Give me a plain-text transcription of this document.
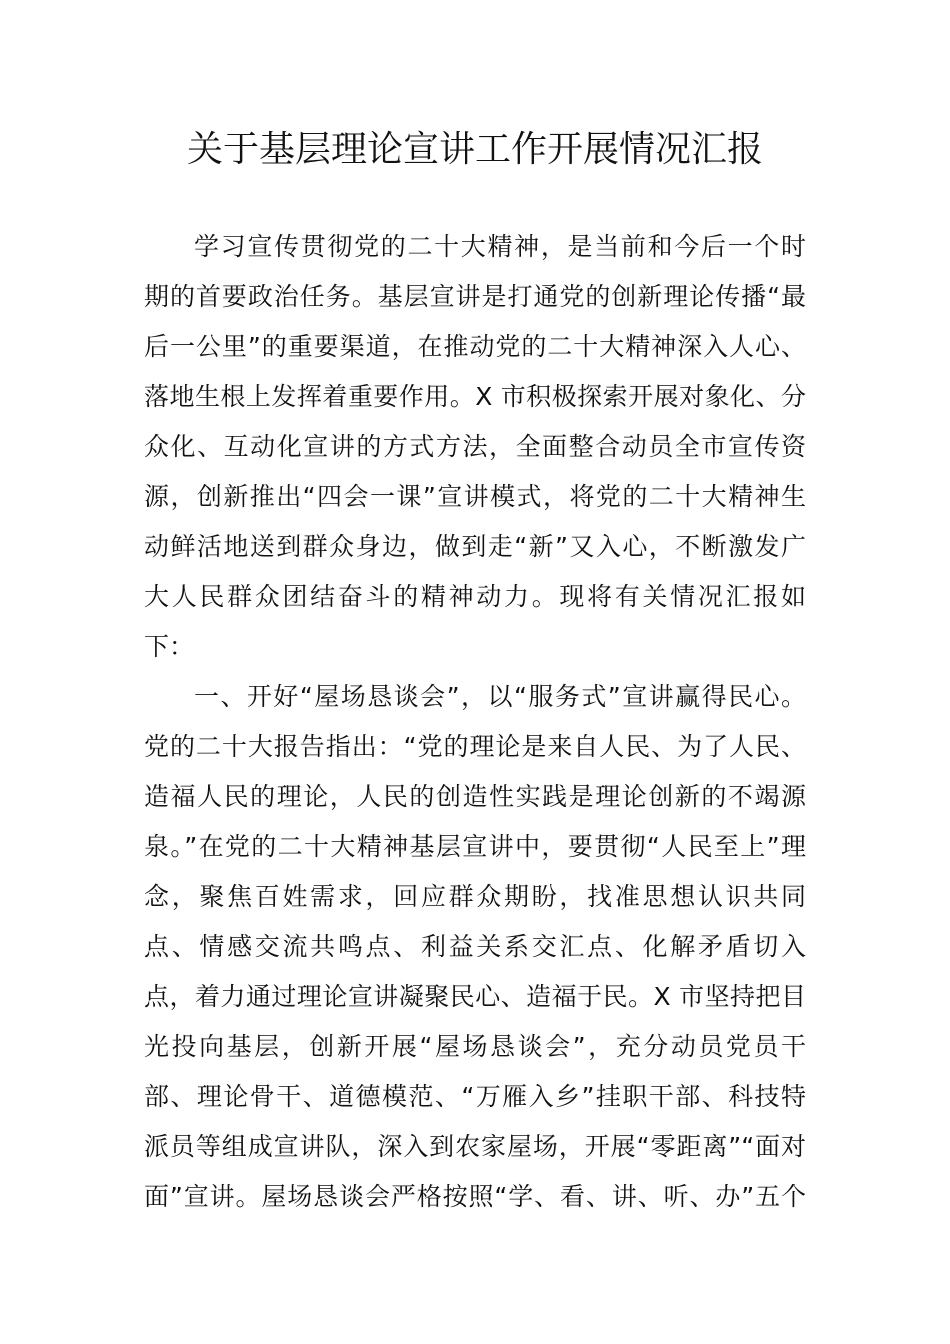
关于基层理论宣讲工作开展情况汇报
学习宣传贯彻党的二十大精神，是当前和今后一个时
期的首要政治任务。基层宣讲是打通党的创新理论传播“最
后一公里”的重要渠道，在推动党的二十大精神深入人心、
落地生根上发挥着重要作用。X 市积极探索开展对象化、分
众化、互动化宣讲的方式方法，全面整合动员全市宣传资
源，创新推出“四会一课”宣讲模式，将党的二十大精神生
动鲜活地送到群众身边，做到走“新”又入心，不断激发广
大人民群众团结奋斗的精神动力。现将有关情况汇报如
下：
一、开好“屋场恳谈会”，以“服务式”宣讲赢得民心。
党的二十大报告指出：“党的理论是来自人民、为了人民、
造福人民的理论，人民的创造性实践是理论创新的不竭源
泉。”在党的二十大精神基层宣讲中，要贯彻“人民至上”理
念，聚焦百姓需求，回应群众期盼，找准思想认识共同
点、情感交流共鸣点、利益关系交汇点、化解矛盾切入
点，着力通过理论宣讲凝聚民心、造福于民。X 市坚持把目
光投向基层，创新开展“屋场恳谈会”，充分动员党员干
部、理论骨干、道德模范、“万雁入乡”挂职干部、科技特
派员等组成宣讲队，深入到农家屋场，开展“零距离”“面对
面”宣讲。屋场恳谈会严格按照“学、看、讲、听、办”五个
